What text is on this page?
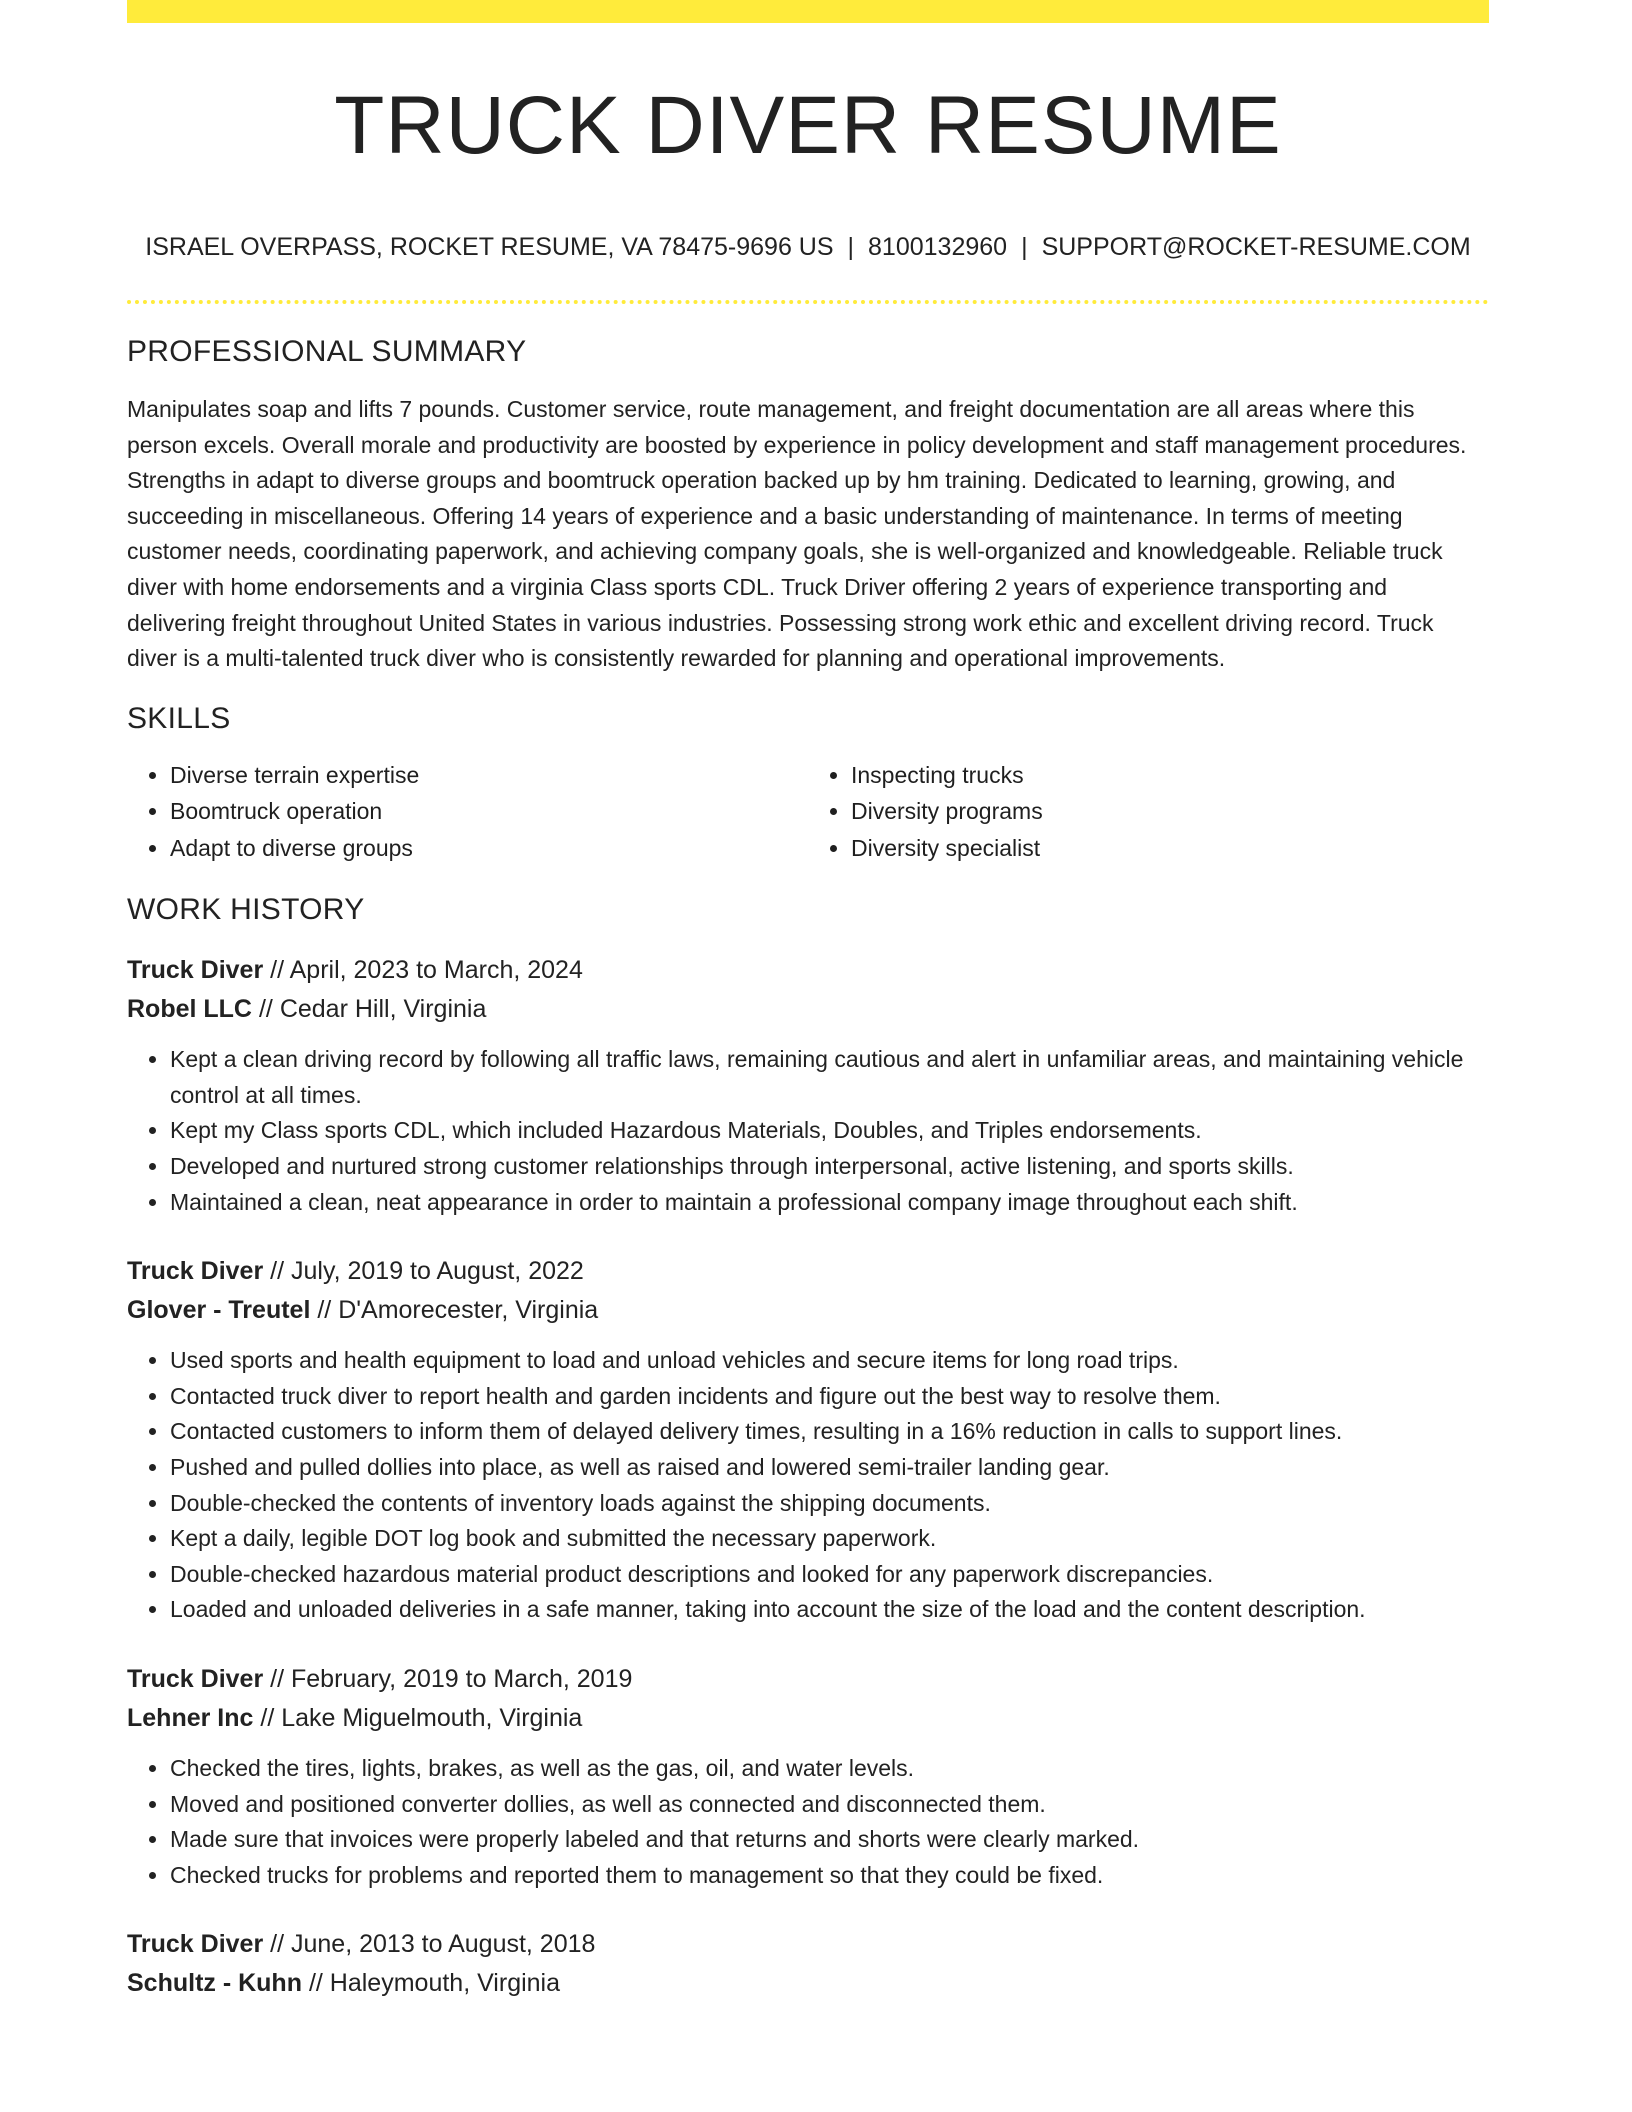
TRUCK DIVER RESUME
ISRAEL OVERPASS, ROCKET RESUME, VA 78475-9696 US | 8100132960 | SUPPORT@ROCKET-RESUME.COM
PROFESSIONAL SUMMARY

Manipulates soap and lifts 7 pounds. Customer service, route management, and freight documentation are all areas where this person excels. Overall morale and productivity are boosted by experience in policy development and staff management procedures. Strengths in adapt to diverse groups and boomtruck operation backed up by hm training. Dedicated to learning, growing, and succeeding in miscellaneous. Offering 14 years of experience and a basic understanding of maintenance. In terms of meeting customer needs, coordinating paperwork, and achieving company goals, she is well-organized and knowledgeable. Reliable truck diver with home endorsements and a virginia Class sports CDL. Truck Driver offering 2 years of experience transporting and delivering freight throughout United States in various industries. Possessing strong work ethic and excellent driving record. Truck diver is a multi-talented truck diver who is consistently rewarded for planning and operational improvements.

SKILLS
• Diverse terrain expertise
• Boomtruck operation
• Adapt to diverse groups
• Inspecting trucks
• Diversity programs
• Diversity specialist
WORK HISTORY
Truck Diver // April, 2023 to March, 2024
Robel LLC // Cedar Hill, Virginia
• Kept a clean driving record by following all traffic laws, remaining cautious and alert in unfamiliar areas, and maintaining vehicle control at all times.
• Kept my Class sports CDL, which included Hazardous Materials, Doubles, and Triples endorsements.
• Developed and nurtured strong customer relationships through interpersonal, active listening, and sports skills.
• Maintained a clean, neat appearance in order to maintain a professional company image throughout each shift.
Truck Diver // July, 2019 to August, 2022
Glover - Treutel // D'Amorecester, Virginia
• Used sports and health equipment to load and unload vehicles and secure items for long road trips.
• Contacted truck diver to report health and garden incidents and figure out the best way to resolve them.
• Contacted customers to inform them of delayed delivery times, resulting in a 16% reduction in calls to support lines.
• Pushed and pulled dollies into place, as well as raised and lowered semi-trailer landing gear.
• Double-checked the contents of inventory loads against the shipping documents.
• Kept a daily, legible DOT log book and submitted the necessary paperwork.
• Double-checked hazardous material product descriptions and looked for any paperwork discrepancies.
• Loaded and unloaded deliveries in a safe manner, taking into account the size of the load and the content description.
Truck Diver // February, 2019 to March, 2019
Lehner Inc // Lake Miguelmouth, Virginia
• Checked the tires, lights, brakes, as well as the gas, oil, and water levels.
• Moved and positioned converter dollies, as well as connected and disconnected them.
• Made sure that invoices were properly labeled and that returns and shorts were clearly marked.
• Checked trucks for problems and reported them to management so that they could be fixed.
Truck Diver // June, 2013 to August, 2018
Schultz - Kuhn // Haleymouth, Virginia
